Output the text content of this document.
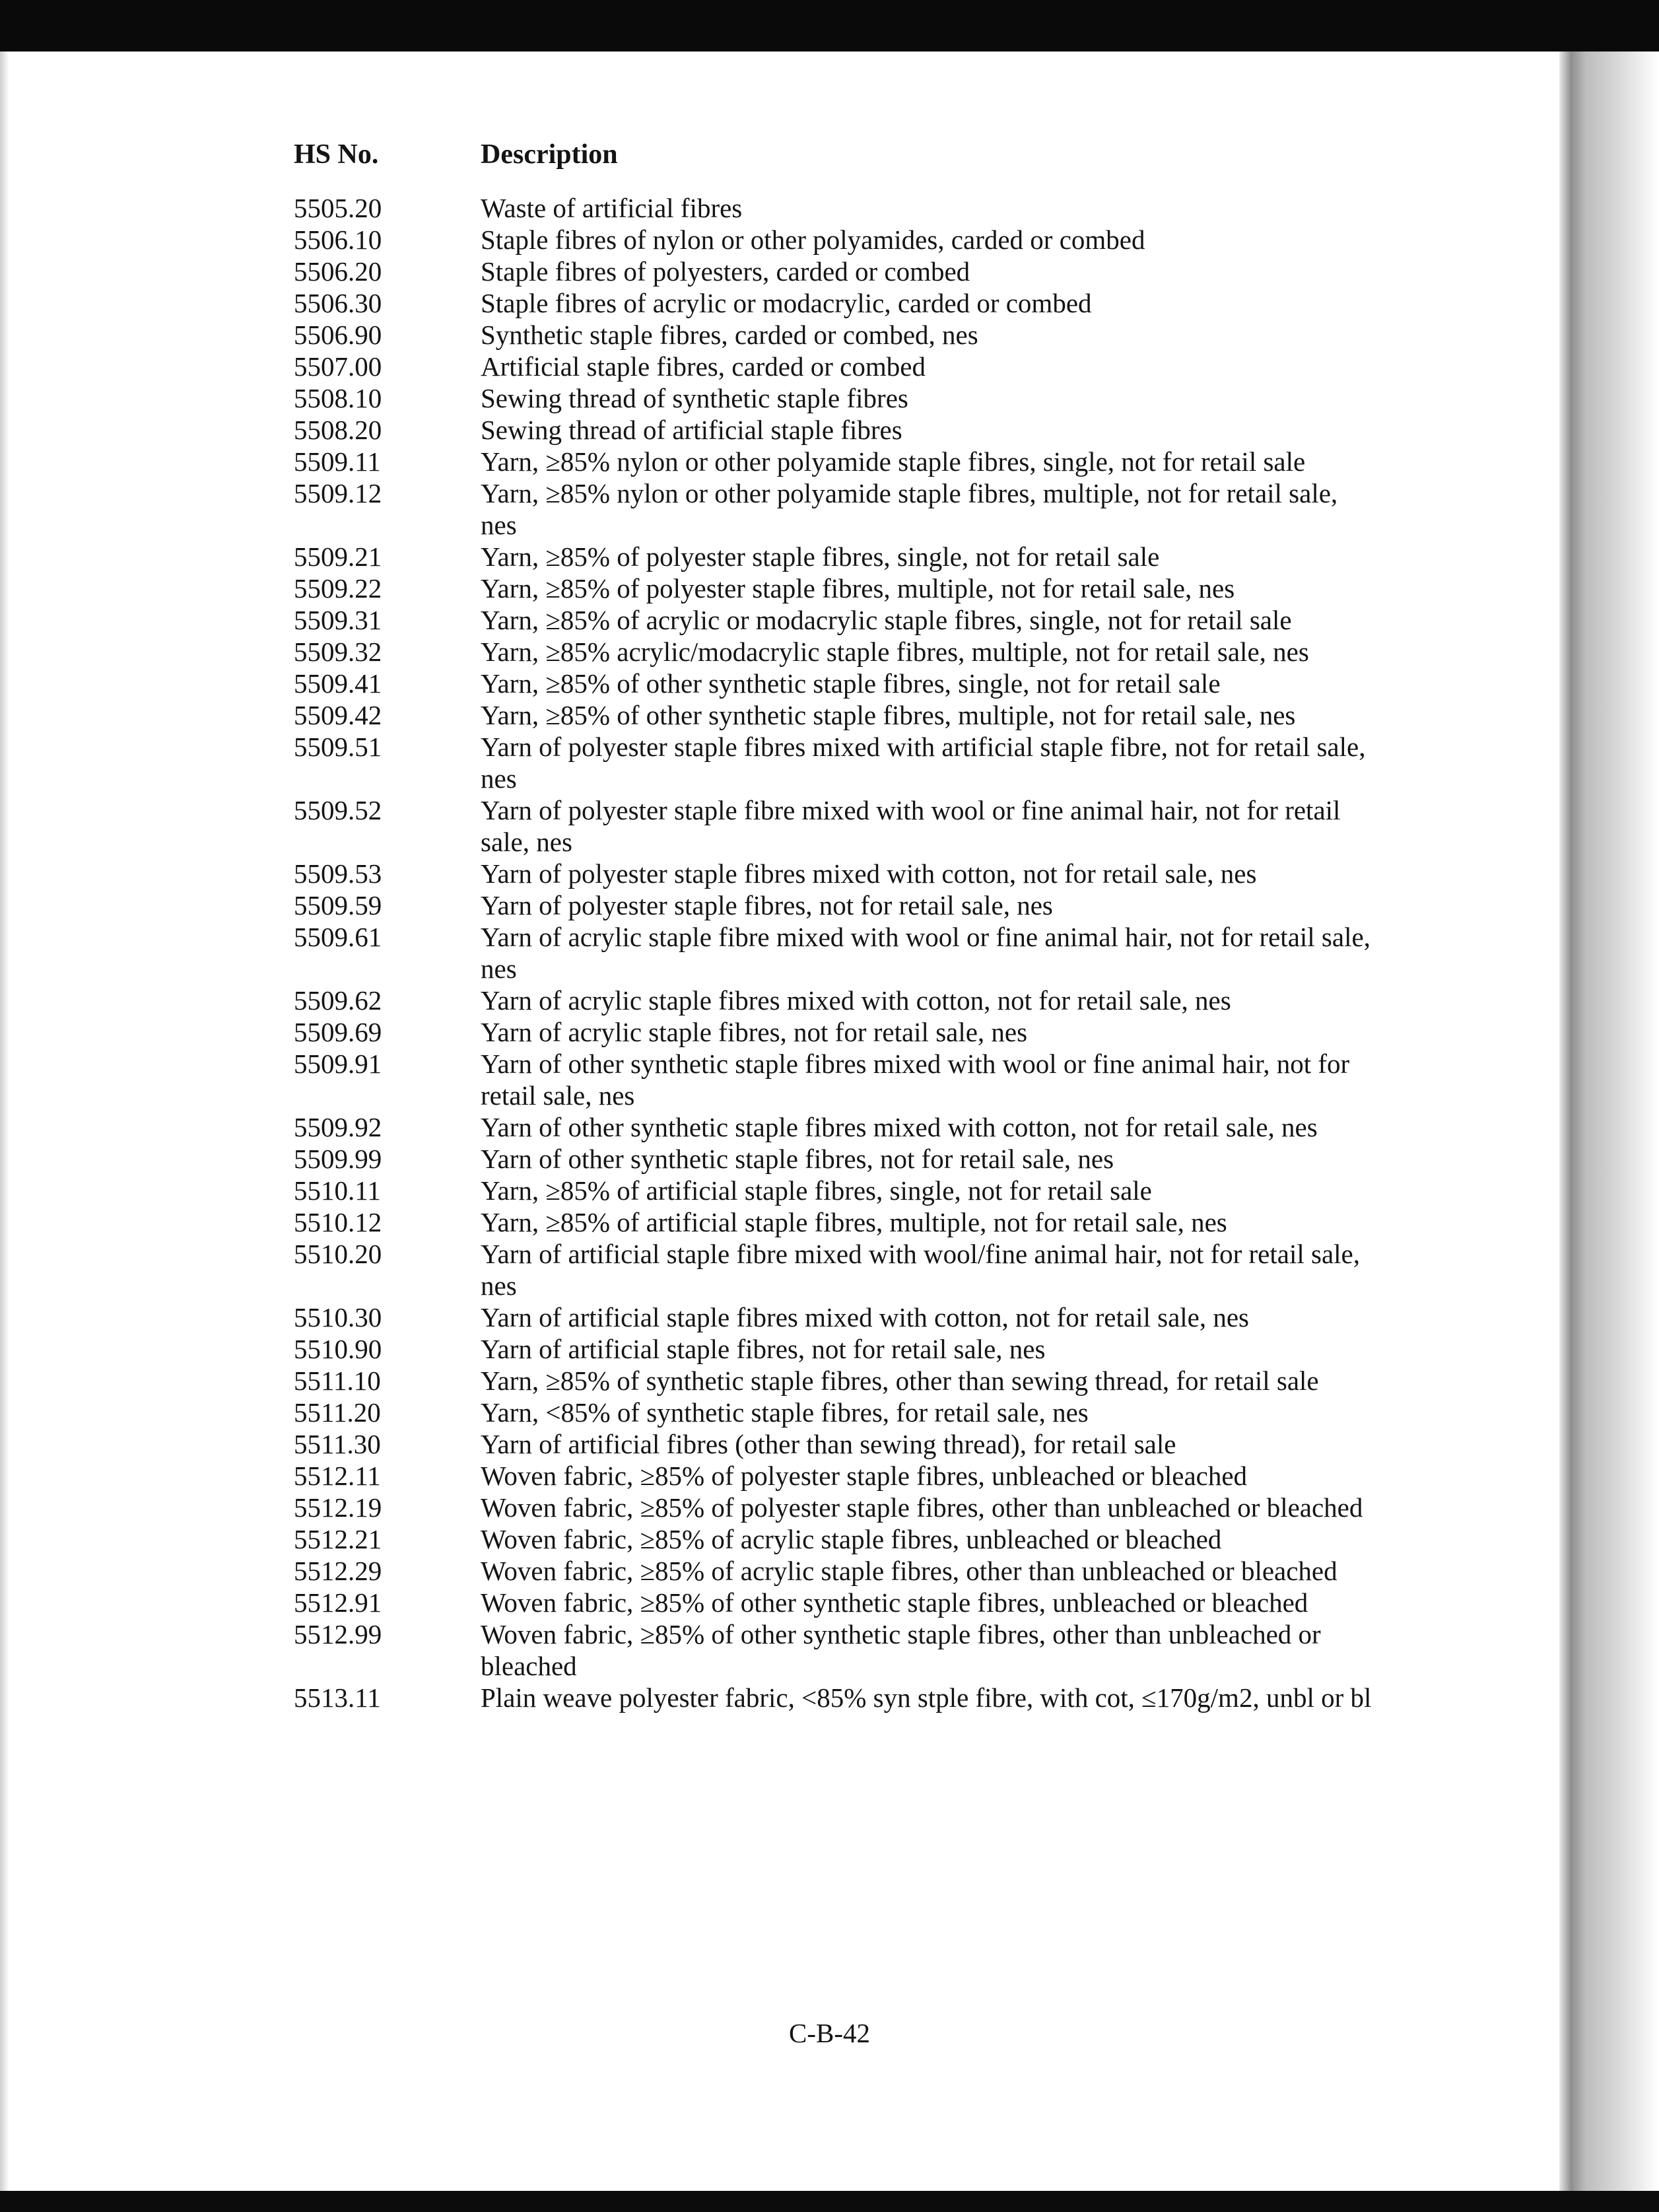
HS No.	Description
5505.20	Waste of artificial fibres
5506.10	Staple fibres of nylon or other polyamides, carded or combed
5506.20	Staple fibres of polyesters, carded or combed
5506.30	Staple fibres of acrylic or modacrylic, carded or combed
5506.90	Synthetic staple fibres, carded or combed, nes
5507.00	Artificial staple fibres, carded or combed
5508.10	Sewing thread of synthetic staple fibres
5508.20	Sewing thread of artificial staple fibres
5509.11	Yarn, ≥85% nylon or other polyamide staple fibres, single, not for retail sale
5509.12	Yarn, ≥85% nylon or other polyamide staple fibres, multiple, not for retail sale, nes
5509.21	Yarn, ≥85% of polyester staple fibres, single, not for retail sale
5509.22	Yarn, ≥85% of polyester staple fibres, multiple, not for retail sale, nes
5509.31	Yarn, ≥85% of acrylic or modacrylic staple fibres, single, not for retail sale
5509.32	Yarn, ≥85% acrylic/modacrylic staple fibres, multiple, not for retail sale, nes
5509.41	Yarn, ≥85% of other synthetic staple fibres, single, not for retail sale
5509.42	Yarn, ≥85% of other synthetic staple fibres, multiple, not for retail sale, nes
5509.51	Yarn of polyester staple fibres mixed with artificial staple fibre, not for retail sale, nes
5509.52	Yarn of polyester staple fibre mixed with wool or fine animal hair, not for retail sale, nes
5509.53	Yarn of polyester staple fibres mixed with cotton, not for retail sale, nes
5509.59	Yarn of polyester staple fibres, not for retail sale, nes
5509.61	Yarn of acrylic staple fibre mixed with wool or fine animal hair, not for retail sale, nes
5509.62	Yarn of acrylic staple fibres mixed with cotton, not for retail sale, nes
5509.69	Yarn of acrylic staple fibres, not for retail sale, nes
5509.91	Yarn of other synthetic staple fibres mixed with wool or fine animal hair, not for retail sale, nes
5509.92	Yarn of other synthetic staple fibres mixed with cotton, not for retail sale, nes
5509.99	Yarn of other synthetic staple fibres, not for retail sale, nes
5510.11	Yarn, ≥85% of artificial staple fibres, single, not for retail sale
5510.12	Yarn, ≥85% of artificial staple fibres, multiple, not for retail sale, nes
5510.20	Yarn of artificial staple fibre mixed with wool/fine animal hair, not for retail sale, nes
5510.30	Yarn of artificial staple fibres mixed with cotton, not for retail sale, nes
5510.90	Yarn of artificial staple fibres, not for retail sale, nes
5511.10	Yarn, ≥85% of synthetic staple fibres, other than sewing thread, for retail sale
5511.20	Yarn, <85% of synthetic staple fibres, for retail sale, nes
5511.30	Yarn of artificial fibres (other than sewing thread), for retail sale
5512.11	Woven fabric, ≥85% of polyester staple fibres, unbleached or bleached
5512.19	Woven fabric, ≥85% of polyester staple fibres, other than unbleached or bleached
5512.21	Woven fabric, ≥85% of acrylic staple fibres, unbleached or bleached
5512.29	Woven fabric, ≥85% of acrylic staple fibres, other than unbleached or bleached
5512.91	Woven fabric, ≥85% of other synthetic staple fibres, unbleached or bleached
5512.99	Woven fabric, ≥85% of other synthetic staple fibres, other than unbleached or bleached
5513.11	Plain weave polyester fabric, <85% syn stple fibre, with cot, ≤170g/m2, unbl or bl
C-B-42
